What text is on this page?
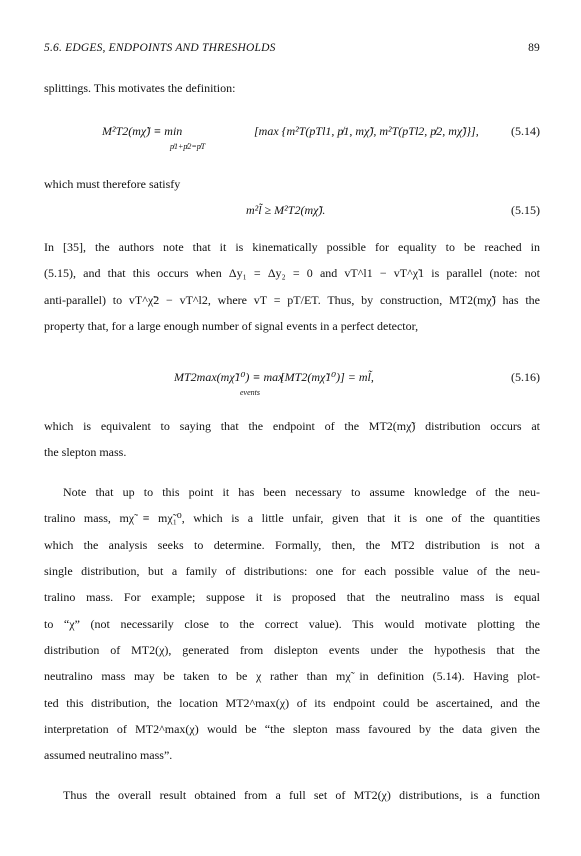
5.6. EDGES, ENDPOINTS AND THRESHOLDS	89
splittings. This motivates the definition:
M²T2(mχ̃) ≡ min
p̸1+p̸2=p̸T
[max {m²T(pTl1, p̸1, mχ̃), m²T(pTl2, p̸2, mχ̃)}],	(5.14)
which must therefore satisfy
m²l̃ ≥ M²T2(mχ̃).	(5.15)
In [35], the authors note that it is kinematically possible for equality to be reached in
(5.15), and that this occurs when Δy₁ = Δy₂ = 0 and vT^l1 − vT^χ̃1 is parallel (note: not
anti-parallel) to vT^χ̃2 − vT^l2, where vT = pT/ET. Thus, by construction, MT2(mχ̃) has the
property that, for a large enough number of signal events in a perfect detector,
MT2max(mχ̃1⁰) ≡ max
events
[MT2(mχ̃1⁰)] = ml̃,	(5.16)
which is equivalent to saying that the endpoint of the MT2(mχ̃) distribution occurs at
the slepton mass.
Note that up to this point it has been necessary to assume knowledge of the neu-
tralino mass, mχ̃ ≡ mχ̃₁⁰, which is a little unfair, given that it is one of the quantities
which the analysis seeks to determine. Formally, then, the MT2 distribution is not a
single distribution, but a family of distributions: one for each possible value of the neu-
tralino mass. For example; suppose it is proposed that the neutralino mass is equal
to “χ” (not necessarily close to the correct value). This would motivate plotting the
distribution of MT2(χ), generated from dislepton events under the hypothesis that the
neutralino mass may be taken to be χ rather than mχ̃ in definition (5.14). Having plot-
ted this distribution, the location MT2^max(χ) of its endpoint could be ascertained, and the
interpretation of MT2^max(χ) would be “the slepton mass favoured by the data given the
assumed neutralino mass”.
Thus the overall result obtained from a full set of MT2(χ) distributions, is a function
